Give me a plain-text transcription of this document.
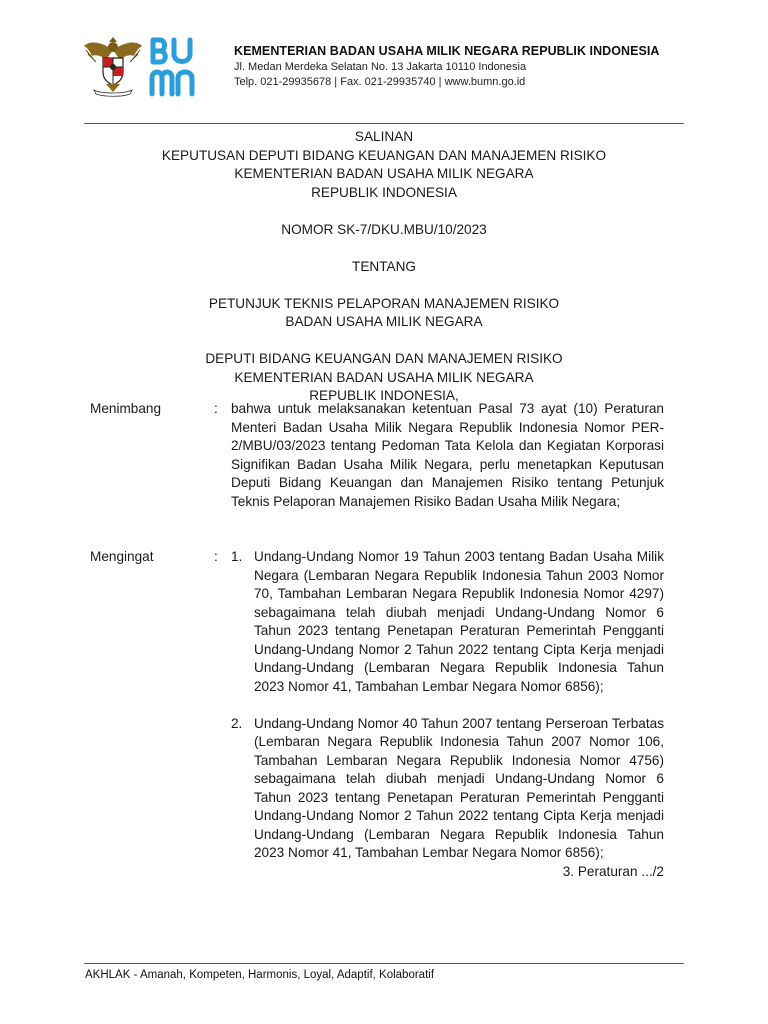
KEMENTERIAN BADAN USAHA MILIK NEGARA REPUBLIK INDONESIA
Jl. Medan Merdeka Selatan No. 13 Jakarta 10110 Indonesia
Telp. 021-29935678 | Fax. 021-29935740 | www.bumn.go.id

SALINAN

KEPUTUSAN DEPUTI BIDANG KEUANGAN DAN MANAJEMEN RISIKO

KEMENTERIAN BADAN USAHA MILIK NEGARA

REPUBLIK INDONESIA

NOMOR SK-7/DKU.MBU/10/2023

TENTANG

PETUNJUK TEKNIS PELAPORAN MANAJEMEN RISIKO

BADAN USAHA MILIK NEGARA

DEPUTI BIDANG KEUANGAN DAN MANAJEMEN RISIKO

KEMENTERIAN BADAN USAHA MILIK NEGARA

REPUBLIK INDONESIA,

Menimbang	: bahwa untuk melaksanakan ketentuan Pasal 73 ayat (10) Peraturan Menteri Badan Usaha Milik Negara Republik Indonesia Nomor PER-2/MBU/03/2023 tentang Pedoman Tata Kelola dan Kegiatan Korporasi Signifikan Badan Usaha Milik Negara, perlu menetapkan Keputusan Deputi Bidang Keuangan dan Manajemen Risiko tentang Petunjuk Teknis Pelaporan Manajemen Risiko Badan Usaha Milik Negara;
Mengingat	: 1. Undang-Undang Nomor 19 Tahun 2003 tentang Badan Usaha Milik Negara (Lembaran Negara Republik Indonesia Tahun 2003 Nomor 70, Tambahan Lembaran Negara Republik Indonesia Nomor 4297) sebagaimana telah diubah menjadi Undang-Undang Nomor 6 Tahun 2023 tentang Penetapan Peraturan Pemerintah Pengganti Undang-Undang Nomor 2 Tahun 2022 tentang Cipta Kerja menjadi Undang-Undang (Lembaran Negara Republik Indonesia Tahun 2023 Nomor 41, Tambahan Lembar Negara Nomor 6856);
2. Undang-Undang Nomor 40 Tahun 2007 tentang Perseroan Terbatas (Lembaran Negara Republik Indonesia Tahun 2007 Nomor 106, Tambahan Lembaran Negara Republik Indonesia Nomor 4756) sebagaimana telah diubah menjadi Undang-Undang Nomor 6 Tahun 2023 tentang Penetapan Peraturan Pemerintah Pengganti Undang-Undang Nomor 2 Tahun 2022 tentang Cipta Kerja menjadi Undang-Undang (Lembaran Negara Republik Indonesia Tahun 2023 Nomor 41, Tambahan Lembar Negara Nomor 6856);
3. Peraturan .../2
AKHLAK - Amanah, Kompeten, Harmonis, Loyal, Adaptif, Kolaboratif
